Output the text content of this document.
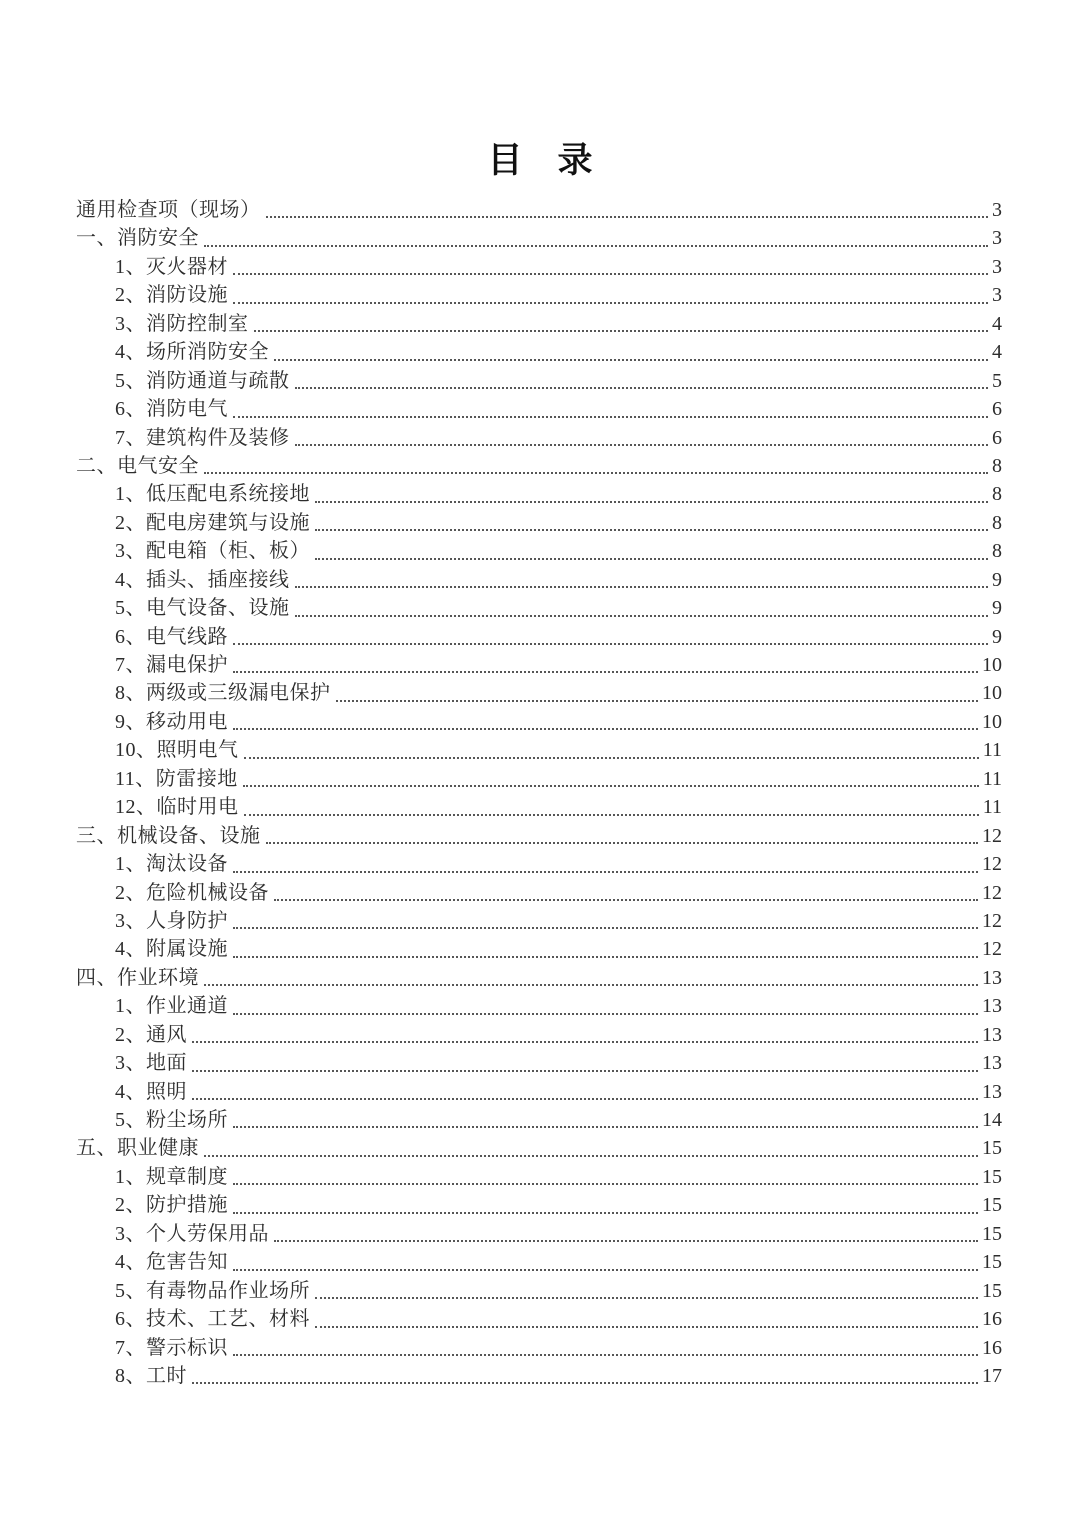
目　录
通用检查项（现场）	3
一、消防安全	3
1、灭火器材	3
2、消防设施	3
3、消防控制室	4
4、场所消防安全	4
5、消防通道与疏散	5
6、消防电气	6
7、建筑构件及装修	6
二、电气安全	8
1、低压配电系统接地	8
2、配电房建筑与设施	8
3、配电箱（柜、板）	8
4、插头、插座接线	9
5、电气设备、设施	9
6、电气线路	9
7、漏电保护	10
8、两级或三级漏电保护	10
9、移动用电	10
10、照明电气	11
11、防雷接地	11
12、临时用电	11
三、机械设备、设施	12
1、淘汰设备	12
2、危险机械设备	12
3、人身防护	12
4、附属设施	12
四、作业环境	13
1、作业通道	13
2、通风	13
3、地面	13
4、照明	13
5、粉尘场所	14
五、职业健康	15
1、规章制度	15
2、防护措施	15
3、个人劳保用品	15
4、危害告知	15
5、有毒物品作业场所	15
6、技术、工艺、材料	16
7、警示标识	16
8、工时	17
